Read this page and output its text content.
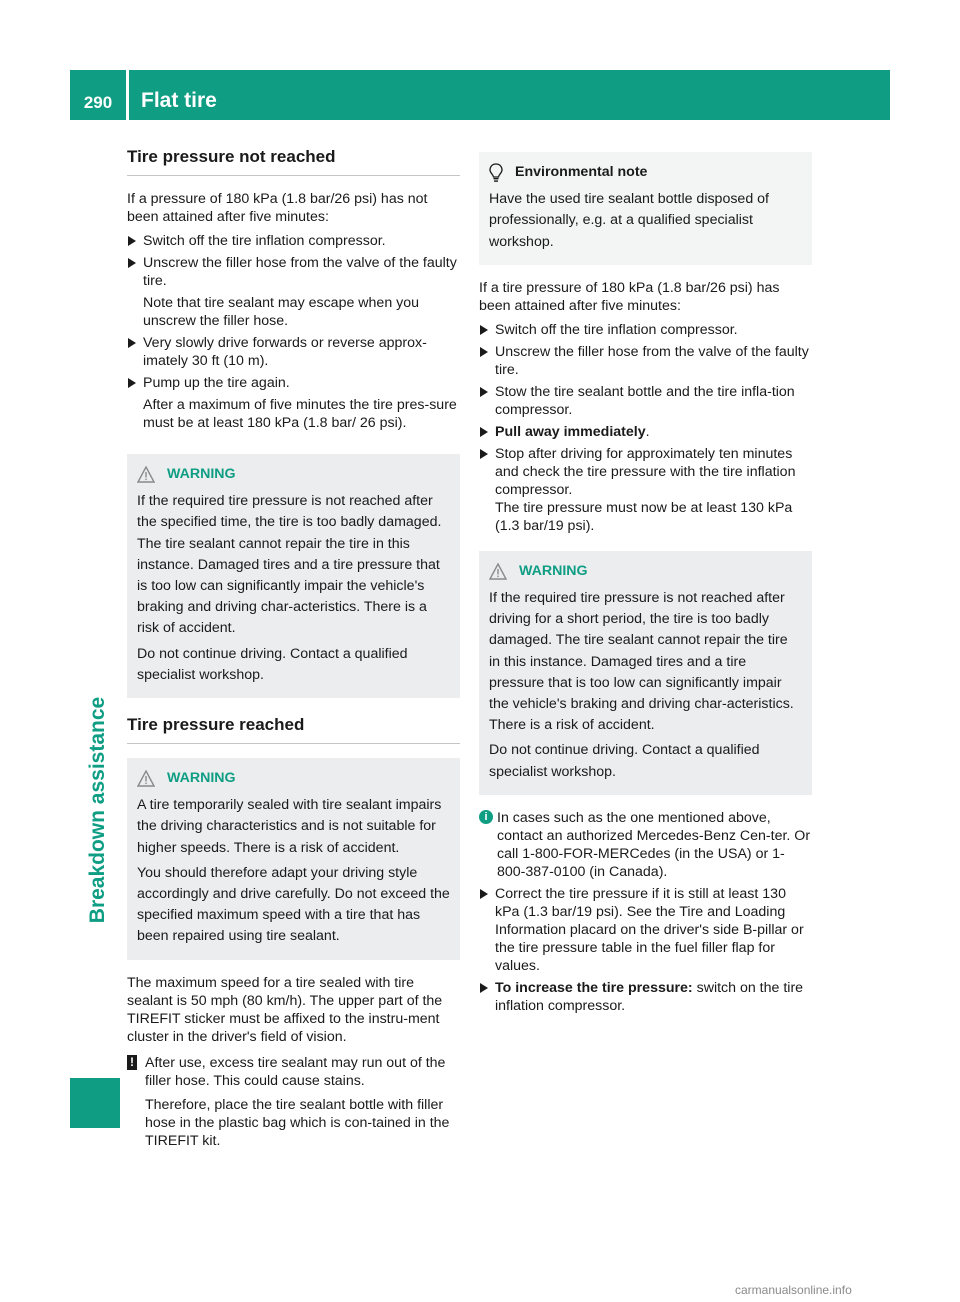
290	Flat tire
Breakdown assistance
Tire pressure not reached

If a pressure of 180 kPa (1.8 bar/26 psi) has not been attained after five minutes:

Switch off the tire inflation compressor.
Unscrew the filler hose from the valve of the faulty tire.

Note that tire sealant may escape when you unscrew the filler hose.

Very slowly drive forwards or reverse approx-imately 30 ft (10 m).
Pump up the tire again.

After a maximum of five minutes the tire pres-sure must be at least 180 kPa (1.8 bar/ 26 psi).

WARNING

If the required tire pressure is not reached after the specified time, the tire is too badly damaged. The tire sealant cannot repair the tire in this instance. Damaged tires and a tire pressure that is too low can significantly impair the vehicle's braking and driving char-acteristics. There is a risk of accident.

Do not continue driving. Contact a qualified specialist workshop.

Tire pressure reached
WARNING

A tire temporarily sealed with tire sealant impairs the driving characteristics and is not suitable for higher speeds. There is a risk of accident.

You should therefore adapt your driving style accordingly and drive carefully. Do not exceed the specified maximum speed with a tire that has been repaired using tire sealant.

The maximum speed for a tire sealed with tire sealant is 50 mph (80 km/h). The upper part of the TIREFIT sticker must be affixed to the instru-ment cluster in the driver's field of vision.

! After use, excess tire sealant may run out of the filler hose. This could cause stains.

Therefore, place the tire sealant bottle with filler hose in the plastic bag which is con-tained in the TIREFIT kit.

Environmental note

Have the used tire sealant bottle disposed of professionally, e.g. at a qualified specialist workshop.

If a tire pressure of 180 kPa (1.8 bar/26 psi) has been attained after five minutes:

Switch off the tire inflation compressor.
Unscrew the filler hose from the valve of the faulty tire.
Stow the tire sealant bottle and the tire infla-tion compressor.
Pull away immediately.
Stop after driving for approximately ten minutes and check the tire pressure with the tire inflation compressor.

The tire pressure must now be at least 130 kPa (1.3 bar/19 psi).

WARNING

If the required tire pressure is not reached after driving for a short period, the tire is too badly damaged. The tire sealant cannot repair the tire in this instance. Damaged tires and a tire pressure that is too low can significantly impair the vehicle's braking and driving char-acteristics. There is a risk of accident.

Do not continue driving. Contact a qualified specialist workshop.

i In cases such as the one mentioned above, contact an authorized Mercedes-Benz Cen-ter. Or call 1-800-FOR-MERCedes (in the USA) or 1-800-387-0100 (in Canada).
Correct the tire pressure if it is still at least 130 kPa (1.3 bar/19 psi). See the Tire and Loading Information placard on the driver's side B-pillar or the tire pressure table in the fuel filler flap for values.
To increase the tire pressure: switch on the tire inflation compressor.
carmanualsonline.info
